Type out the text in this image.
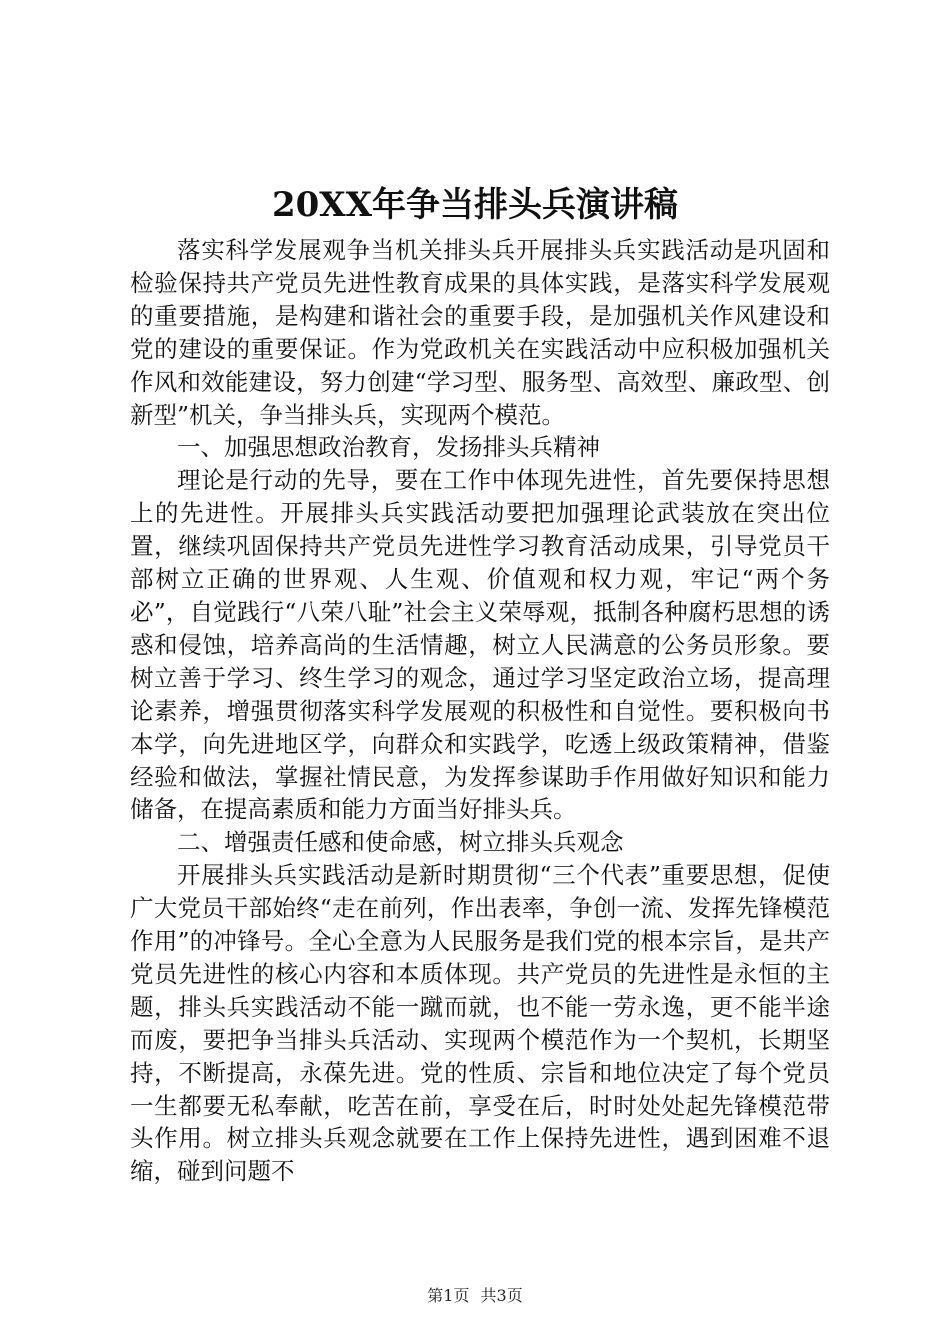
20XX年争当排头兵演讲稿

落实科学发展观争当机关排头兵开展排头兵实践活动是巩固和检验保持共产党员先进性教育成果的具体实践，是落实科学发展观的重要措施，是构建和谐社会的重要手段，是加强机关作风建设和党的建设的重要保证。作为党政机关在实践活动中应积极加强机关作风和效能建设，努力创建“学习型、服务型、高效型、廉政型、创新型”机关，争当排头兵，实现两个模范。

一、加强思想政治教育，发扬排头兵精神

理论是行动的先导，要在工作中体现先进性，首先要保持思想上的先进性。开展排头兵实践活动要把加强理论武装放在突出位置，继续巩固保持共产党员先进性学习教育活动成果，引导党员干部树立正确的世界观、人生观、价值观和权力观，牢记“两个务必”，自觉践行“八荣八耻”社会主义荣辱观，抵制各种腐朽思想的诱惑和侵蚀，培养高尚的生活情趣，树立人民满意的公务员形象。要树立善于学习、终生学习的观念，通过学习坚定政治立场，提高理论素养，增强贯彻落实科学发展观的积极性和自觉性。要积极向书本学，向先进地区学，向群众和实践学，吃透上级政策精神，借鉴经验和做法，掌握社情民意，为发挥参谋助手作用做好知识和能力储备，在提高素质和能力方面当好排头兵。

二、增强责任感和使命感，树立排头兵观念

开展排头兵实践活动是新时期贯彻“三个代表”重要思想，促使广大党员干部始终“走在前列，作出表率，争创一流、发挥先锋模范作用”的冲锋号。全心全意为人民服务是我们党的根本宗旨，是共产党员先进性的核心内容和本质体现。共产党员的先进性是永恒的主题，排头兵实践活动不能一蹴而就，也不能一劳永逸，更不能半途而废，要把争当排头兵活动、实现两个模范作为一个契机，长期坚持，不断提高，永葆先进。党的性质、宗旨和地位决定了每个党员一生都要无私奉献，吃苦在前，享受在后，时时处处起先锋模范带头作用。树立排头兵观念就要在工作上保持先进性，遇到困难不退缩，碰到问题不

第1页 共3页
